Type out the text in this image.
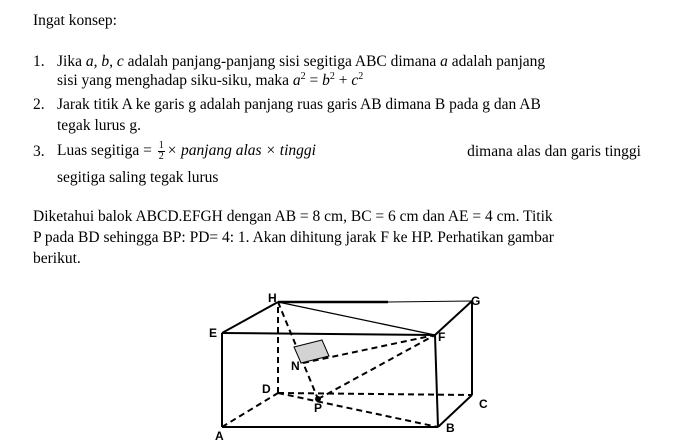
Ingat konsep:
1. Jika a, b, c adalah panjang-panjang sisi segitiga ABC dimana a adalah panjang
sisi yang menghadap siku-siku, maka $a^2 = b^2 + c^2$
2. Jarak titik A ke garis g adalah panjang ruas garis AB dimana B pada g dan AB
tegak lurus g.
3. Luas segitiga = $\frac{1}{2}$ × panjang alas × tinggi	dimana alas dan garis tinggi
segitiga saling tegak lurus
Diketahui balok ABCD.EFGH dengan AB = 8 cm, BC = 6 cm dan AE = 4 cm. Titik
P pada BD sehingga BP: PD= 4: 1. Akan dihitung jarak F ke HP. Perhatikan gambar
berikut.
A
B
C
D
E	F
G
H
N
P
